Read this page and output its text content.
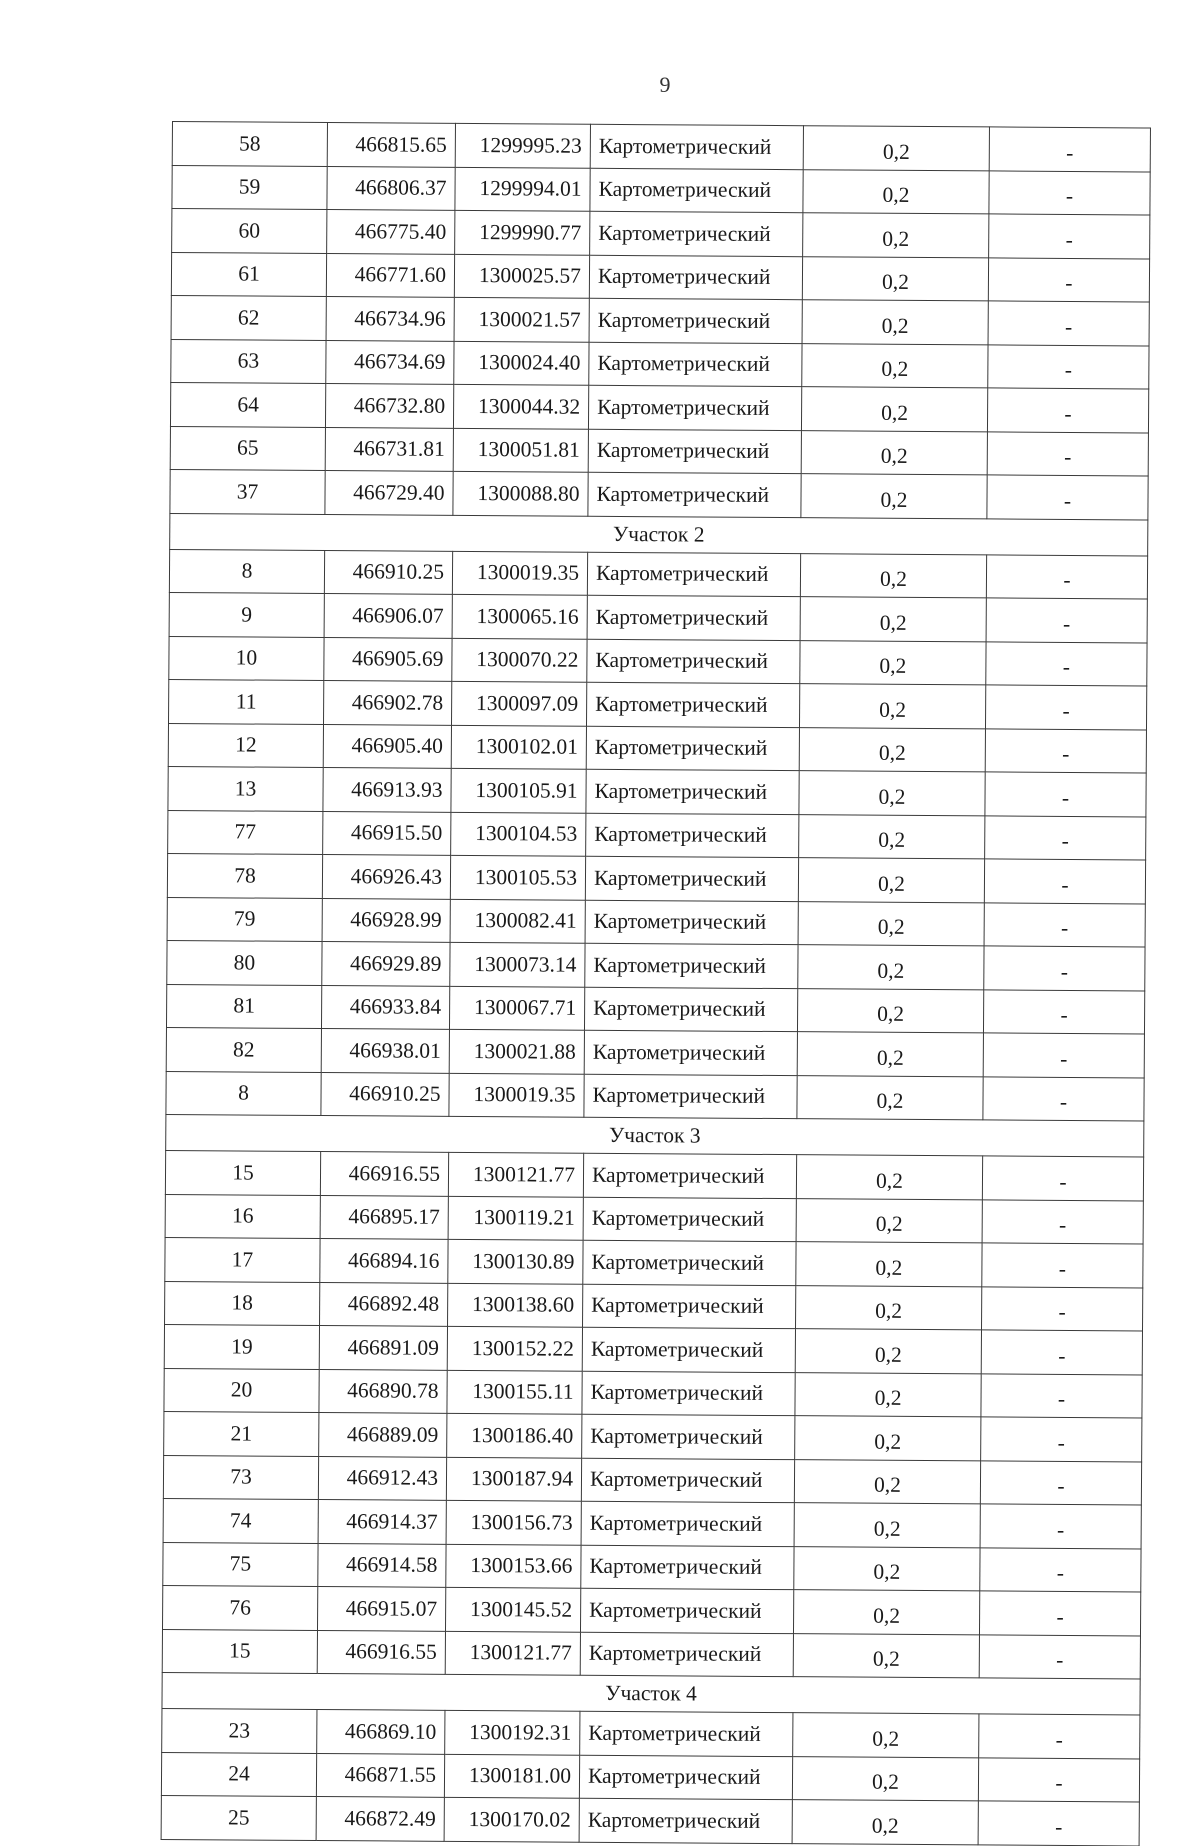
9
58	466815.65	1299995.23	Картометрический	0,2	-
59	466806.37	1299994.01	Картометрический	0,2	-
60	466775.40	1299990.77	Картометрический	0,2	-
61	466771.60	1300025.57	Картометрический	0,2	-
62	466734.96	1300021.57	Картометрический	0,2	-
63	466734.69	1300024.40	Картометрический	0,2	-
64	466732.80	1300044.32	Картометрический	0,2	-
65	466731.81	1300051.81	Картометрический	0,2	-
37	466729.40	1300088.80	Картометрический	0,2	-
Участок 2					
8	466910.25	1300019.35	Картометрический	0,2	-
9	466906.07	1300065.16	Картометрический	0,2	-
10	466905.69	1300070.22	Картометрический	0,2	-
11	466902.78	1300097.09	Картометрический	0,2	-
12	466905.40	1300102.01	Картометрический	0,2	-
13	466913.93	1300105.91	Картометрический	0,2	-
77	466915.50	1300104.53	Картометрический	0,2	-
78	466926.43	1300105.53	Картометрический	0,2	-
79	466928.99	1300082.41	Картометрический	0,2	-
80	466929.89	1300073.14	Картометрический	0,2	-
81	466933.84	1300067.71	Картометрический	0,2	-
82	466938.01	1300021.88	Картометрический	0,2	-
8	466910.25	1300019.35	Картометрический	0,2	-
Участок 3					
15	466916.55	1300121.77	Картометрический	0,2	-
16	466895.17	1300119.21	Картометрический	0,2	-
17	466894.16	1300130.89	Картометрический	0,2	-
18	466892.48	1300138.60	Картометрический	0,2	-
19	466891.09	1300152.22	Картометрический	0,2	-
20	466890.78	1300155.11	Картометрический	0,2	-
21	466889.09	1300186.40	Картометрический	0,2	-
73	466912.43	1300187.94	Картометрический	0,2	-
74	466914.37	1300156.73	Картометрический	0,2	-
75	466914.58	1300153.66	Картометрический	0,2	-
76	466915.07	1300145.52	Картометрический	0,2	-
15	466916.55	1300121.77	Картометрический	0,2	-
Участок 4					
23	466869.10	1300192.31	Картометрический	0,2	-
24	466871.55	1300181.00	Картометрический	0,2	-
25	466872.49	1300170.02	Картометрический	0,2	-
